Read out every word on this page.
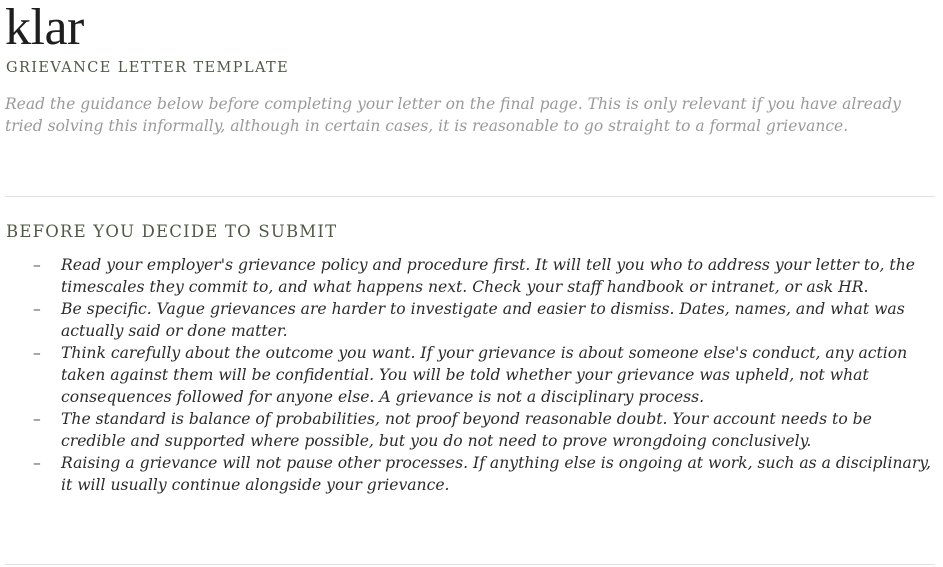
klar
GRIEVANCE LETTER TEMPLATE

Read the guidance below before completing your letter on the final page. This is only relevant if you have already tried solving this informally, although in certain cases, it is reasonable to go straight to a formal grievance.

BEFORE YOU DECIDE TO SUBMIT
– Read your employer's grievance policy and procedure first. It will tell you who to address your letter to, the timescales they commit to, and what happens next. Check your staff handbook or intranet, or ask HR.
– Be specific. Vague grievances are harder to investigate and easier to dismiss. Dates, names, and what was actually said or done matter.
– Think carefully about the outcome you want. If your grievance is about someone else's conduct, any action taken against them will be confidential. You will be told whether your grievance was upheld, not what consequences followed for anyone else. A grievance is not a disciplinary process.
– The standard is balance of probabilities, not proof beyond reasonable doubt. Your account needs to be credible and supported where possible, but you do not need to prove wrongdoing conclusively.
– Raising a grievance will not pause other processes. If anything else is ongoing at work, such as a disciplinary, it will usually continue alongside your grievance.
